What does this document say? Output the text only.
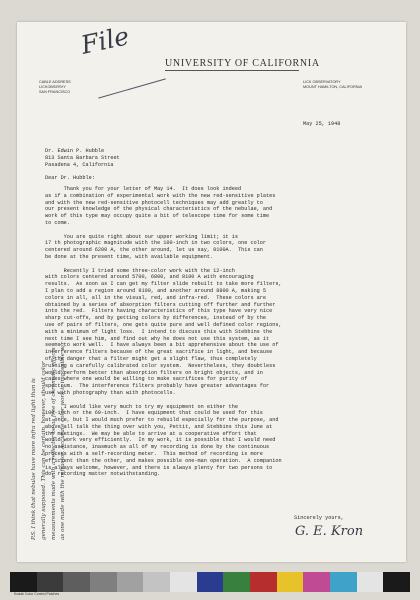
File
UNIVERSITY OF CALIFORNIA
CABLE ADDRESS
LICKOBSERVY
SAN FRANCISCO
LICK OBSERVATORY
MOUNT HAMILTON, CALIFORNIA
May 25, 1948
Dr. Edwin P. Hubble
813 Santa Barbara Street
Pasadena 4, California
Dear Dr. Hubble:
Thank you for your letter of May 14.  It does look indeed
as if a combination of experimental work with the new red-sensitive plates
and with the new red-sensitive photocell techniques may add greatly to
our present knowledge of the physical characteristics of the nebulae, and
work of this type may occupy quite a bit of telescope time for some time
to come.

You are quite right about our upper working limit; it is
17 th photographic magnitude with the 100-inch in two colors, one color
centered around 6200 A, the other around, let us say, 8100A.  This can
be done at the present time, with available equipment.

Recently I tried some three-color work with the 12-inch
with colors centered around 5700, 6800, and 8100 A with encouraging
results.  As soon as I can get my filter slide rebuilt to take more filters,
I plan to add a region around 9100, and another around 8800 A, making 5
colors in all, all in the visual, red, and infra-red.  These colors are
obtained by a series of absorption filters cutting off further and further
into the red.  Filters having characteristics of this type have very nice
sharp cut-offs, and by getting colors by differences, instead of by the
use of pairs of filters, one gets quite pure and well defined color regions,
with a minimum of light loss.  I intend to discuss this with Stebbins the
next time I see him, and find out why he does not use this system, as it
seems to work well.  I have always been a bit apprehensive about the use of
interference filters because of the great sacrifice in light, and because
of the danger that a filter might get a slight flaw, thus completely
ruining a carefully calibrated color system.  Nevertheless, they doubtless
would perform better than absorption filters on bright objects, and in
cases where one would be willing to make sacrifices for purity of
spectrum.  The interference filters probably have greater advantages for
use with photography than with photocells.

I would like very much to try my equipment on either the
100-inch or the 60-inch.  I have equipment that could be used for this
at once, but I would much prefer to rebuild especially for the purpose, and
above all talk the thing over with you, Pettit, and Stebbins this June at
the meetings.  We may be able to arrive at a cooperative effort that
would work very efficiently.  In my work, it is possible that I would need
no assistance, inasmuch as all of my recording is done by the continuous
process with a self-recording meter.  This method of recording is more
efficient than the other, and makes possible one-man operation.  A companion
is always welcome, however, and there is always plenty for two persons to
do, recording matter notwithstanding.
Sincerely yours,
G. E. Kron
P.S. I think that nebulae have more infra red light than is
generally supposed. This can be certain, however, should color
measurements made with a reflector be as free of chromatic effects
as one made with the refractor. Accurate color work is impossible w/r
Kodak Color Control Patches
